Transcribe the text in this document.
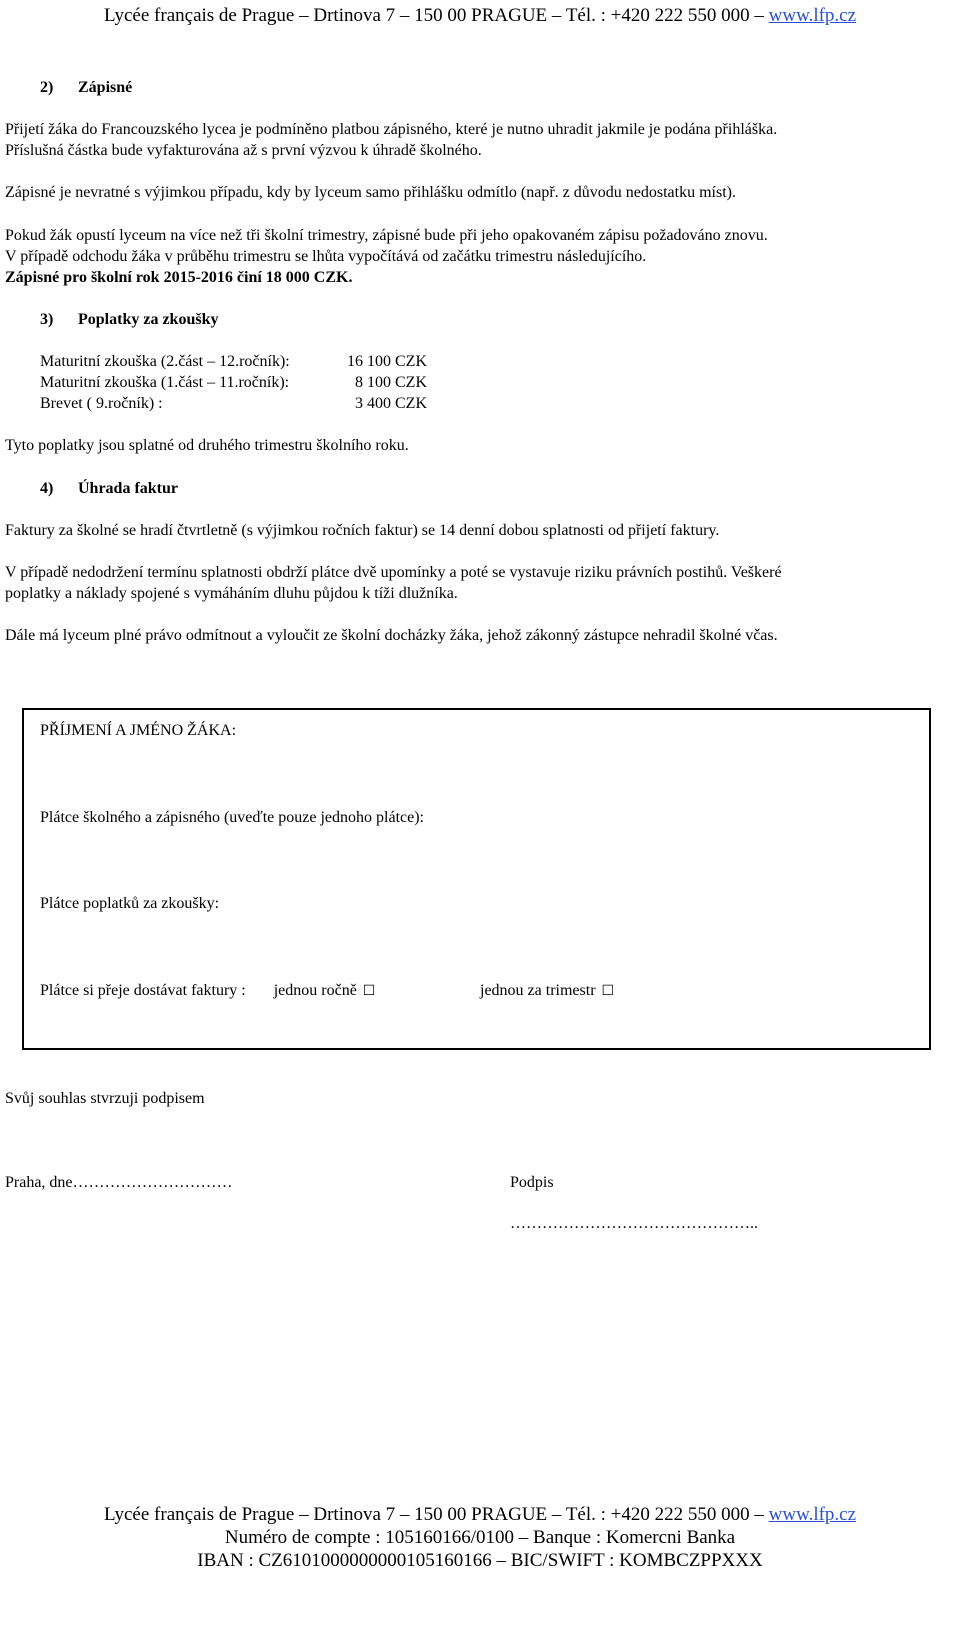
Lycée français de Prague – Drtinova 7 – 150 00 PRAGUE – Tél. : +420 222 550 000 – www.lfp.cz
2) Zápisné
Přijetí žáka do Francouzského lycea je podmíněno platbou zápisného, které je nutno uhradit jakmile je podána přihláška.
Příslušná částka bude vyfakturována až s první výzvou k úhradě školného.
Zápisné je nevratné s výjimkou případu, kdy by lyceum samo přihlášku odmítlo (např. z důvodu nedostatku míst).
Pokud žák opustí lyceum na více než tři školní trimestry, zápisné bude při jeho opakovaném zápisu požadováno znovu.
V případě odchodu žáka v průběhu trimestru se lhůta vypočítává od začátku trimestru následujícího.
Zápisné pro školní rok 2015-2016 činí 18 000 CZK.
3) Poplatky za zkoušky
Maturitní zkouška (2.část – 12.ročník):	16 100 CZK
Maturitní zkouška (1.část – 11.ročník):	8 100 CZK
Brevet ( 9.ročník) :	3 400 CZK
Tyto poplatky jsou splatné od druhého trimestru školního roku.
4) Úhrada faktur
Faktury za školné se hradí čtvrtletně (s výjimkou ročních faktur) se 14 denní dobou splatnosti od přijetí faktury.
V případě nedodržení termínu splatnosti obdrží plátce dvě upomínky a poté se vystavuje riziku právních postihů. Veškeré
poplatky a náklady spojené s vymáháním dluhu půjdou k tíži dlužníka.
Dále má lyceum plné právo odmítnout a vyloučit ze školní docházky žáka, jehož zákonný zástupce nehradil školné včas.
PŘÍJMENÍ A JMÉNO ŽÁKA:
Plátce školného a zápisného (uveďte pouze jednoho plátce):
Plátce poplatků za zkoušky:
Plátce si přeje dostávat faktury : jednou ročně ☐	jednou za trimestr ☐
Svůj souhlas stvrzuji podpisem
Praha, dne…………………………	Podpis
………………………………………..
Lycée français de Prague – Drtinova 7 – 150 00 PRAGUE – Tél. : +420 222 550 000 – www.lfp.cz
Numéro de compte : 105160166/0100 – Banque : Komercni Banka
IBAN : CZ6101000000000105160166 – BIC/SWIFT : KOMBCZPPXXX
